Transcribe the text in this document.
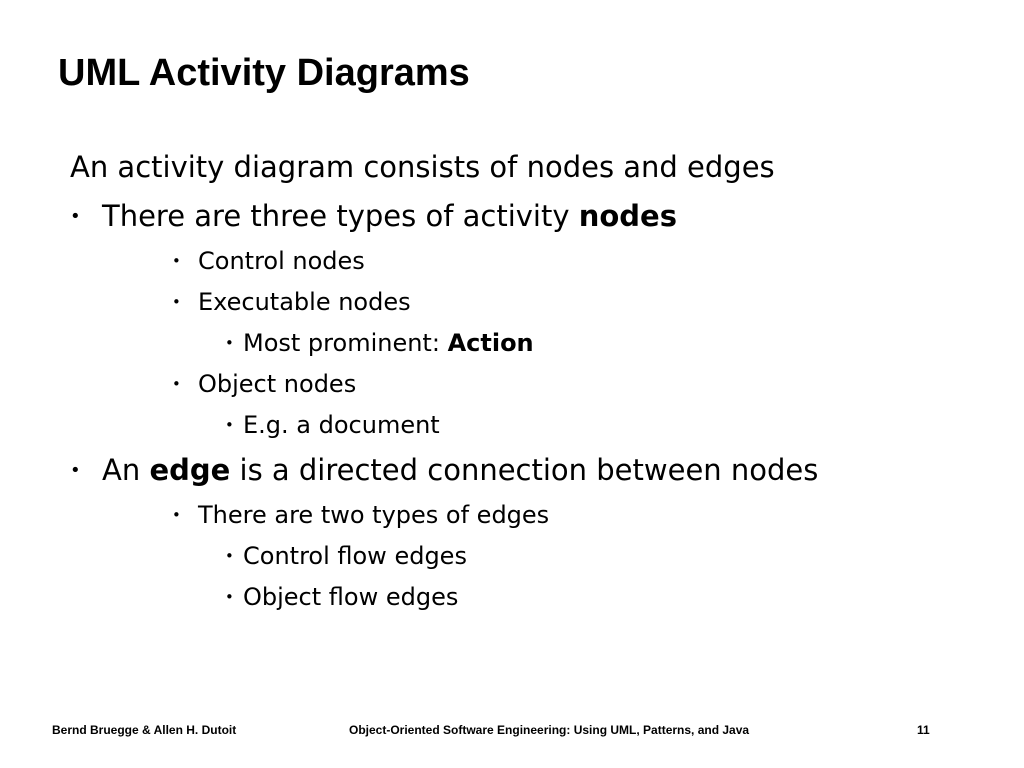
UML Activity Diagrams
An activity diagram consists of nodes and edges
• There are three types of activity nodes
• Control nodes
• Executable nodes
• Most prominent: Action
• Object nodes
• E.g. a document
• An edge is a directed connection between nodes
• There are two types of edges
• Control flow edges
• Object flow edges
Bernd Bruegge & Allen H. Dutoit	Object-Oriented Software Engineering: Using UML, Patterns, and Java	11
